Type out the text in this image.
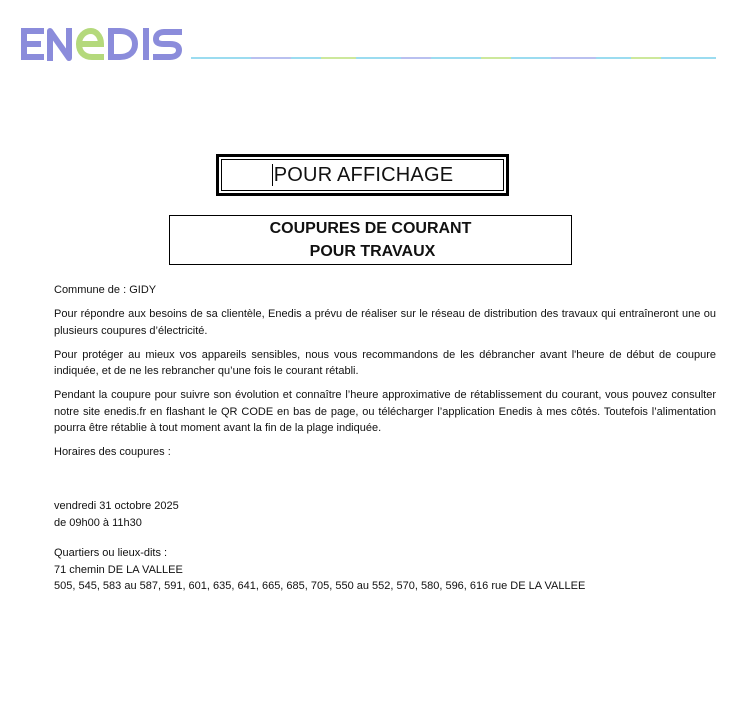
POUR AFFICHAGE
COUPURES DE COURANT
POUR TRAVAUX

Commune de : GIDY

Pour répondre aux besoins de sa clientèle, Enedis a prévu de réaliser sur le réseau de distribution des travaux qui entraîneront une ou plusieurs coupures d’électricité.

Pour protéger au mieux vos appareils sensibles, nous vous recommandons de les débrancher avant l'heure de début de coupure indiquée, et de ne les rebrancher qu’une fois le courant rétabli.

Pendant la coupure pour suivre son évolution et connaître l’heure approximative de rétablissement du courant, vous pouvez consulter notre site enedis.fr en flashant le QR CODE en bas de page, ou télécharger l’application Enedis à mes côtés. Toutefois l’alimentation pourra être rétablie à tout moment avant la fin de la plage indiquée.

Horaires des coupures :

vendredi 31 octobre 2025
de 09h00 à 11h30
Quartiers ou lieux-dits :
71 chemin DE LA VALLEE
505, 545, 583 au 587, 591, 601, 635, 641, 665, 685, 705, 550 au 552, 570, 580, 596, 616 rue DE LA VALLEE
